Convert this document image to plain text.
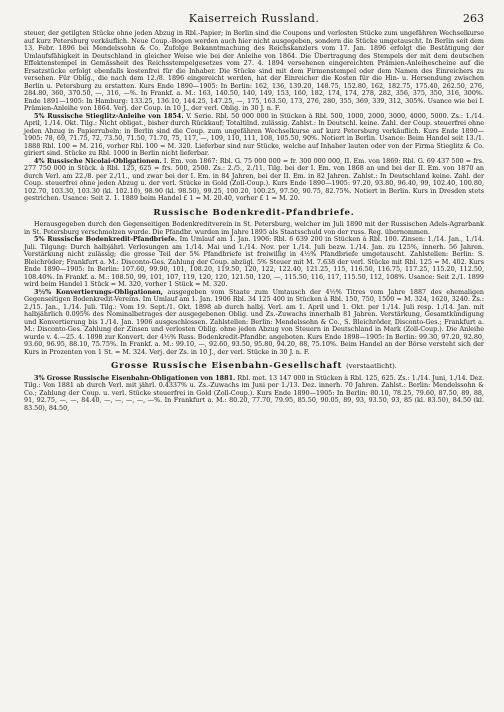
Kaiserreich Russland.	263

steuer, der getilgten Stücke ohne jeden Abzug in Rbl.-Papier; in Berlin sind die Coupons und verlosten Stücke zum ungefähren Wechselkurse auf kurz Petersburg verkäuflich. Neue Coup.-Bogen werden auch hier nicht ausgegeben, sondern die Stücke umgetauscht. In Berlin seit dem 13. Febr. 1896 bei Mendelssohn & Co. Zufolge Bekanntmachung des Reichskanzlers vom 17. Jan. 1896 erfolgt die Bestätigung der Umlaufsfähigkeit in Deutschland in gleicher Weise wie bei der Anleihe von 1864. Die Übertragung des Stempels der mit dem deutschen Effektenstempel in Gemässheit des Reichsstempelgesetzes vom 27. 4. 1894 versehenen eingereichten Prämien-Anleihescheine auf die Ersatzstücke erfolgt ebenfalls kostenfrei für die Inhaber. Die Stücke sind mit dem Firmenstempel oder dem Namen des Einreichers zu versehen. Für Oblig., die nach dem 12./8. 1896 eingereicht werden, hat der Einreicher die Kosten für die Hin- u. Hersendung zwischen Berlin u. Petersburg zu erstatten. Kurs Ende 1890—1905: In Berlin: 162, 136, 139.20, 148.75, 152.80, 162, 182.75, 175.40, 262.50, 276, 284.80, 360, 370.50, —, 316, —%. In Frankf. a. M.: 163, 140.50, 140, 149, 153, 160, 182, 174, 174, 278, 282, 356, 375, 350, 316, 300%. Ende 1891—1905: In Hamburg: 133.25, 136.10, 144.25, 147.25, —, 175, 163.50, 173, 276, 280, 355, 369, 339, 312, 305%. Usance wie bei I. Prämien-Anleihe von 1864. Verj. der Coup. in 10 J., der verl. Oblig. in 30 J. n. F.

5% Russische Stieglitz-Anleihe von 1854. V. Serie. Rbl. 50 000 000 in Stücken à Rbl. 500, 1000, 2000, 3000, 4000, 5000. Zs.: 1./14. April, 1./14. Okt. Tilg.: Nicht obligat., bisher durch Rückkauf; Totaltilnd. zulässig. Zahlst.: In Deutschl. keine. Zahl. der Coup. steuerfrei ohne jeden Abzug in Papierrubeln; in Berlin sind die Coup. zum ungefähren Wechselkurse auf kurz Petersburg verkäuflich. Kurs Ende 1890—1905: 78, 69, 71.75, 72, 73.50, 71.50, 71.70, 75, 117, —, 109, 110, 111, 108, 105.50, 90%. Notiert in Berlin. Usance: Beim Handel seit 13./1. 1888 Rbl. 100 = M. 216, vorher Rbl. 100 = M. 320. Lieferbar sind nur Stücke, welche auf Inhaber lauten oder von der Firma Stieglitz & Co. giriert sind. Stücke zu Rbl. 1000 in Berlin nicht lieferbar.

4% Russische Nicolai-Obligationen. I. Em. von 1867: Rbl. G. 75 000 000 = fr. 300 000 000, II. Em. von 1869: Rbl. G. 69 437 500 = frs. 277 750 000 in Stück. à Rbl. 125, 625 = frs. 500, 2500. Zs.: 2./5., 2./11. Tilg. bei der I. Em. von 1868 an und bei der II. Em. von 1870 an durch Verl. am 22./8. per 2./11., und zwar bei der I. Em. in 84 Jahren, bei der II. Em. in 82 Jahren. Zahlst.: In Deutschland keine. Zahl. der Coup. steuerfrei ohne jeden Abzug u. der verl. Stücke in Gold (Zoll-Coup.). Kurs Ende 1890—1905: 97.20, 93.80, 96.40, 99, 102.40, 100.80, 102.70, 103.30, 103.30 (kl. 102.10), 98.90 (kl. 98.50), 99.25, 100.20, 100.25, 97.50, 90.75, 82.75%. Notiert in Berlin. Kurs in Dresden stets gestrichen. Usance: Seit 2. 1. 1889 beim Handel £ 1 = M. 20.40, vorher £ 1 = M. 20.

Russische Bodenkredit-Pfandbriefe.

Herausgegeben durch den Gegenseitigen Bodenkreditverein in St. Petersburg, welcher im Juli 1890 mit der Russischen Adels-Agrarbank in St. Petersburg verschmolzen wurde. Die Pfandbr. wurden im Jahre 1895 als Staatsschuld von der russ. Reg. übernommen.

5% Russische Bodenkredit-Pfandbriefe. Im Umlauf am 1. Jan. 1906: Rbl. 6 639 200 in Stücken à Rbl. 100. Zinsen: 1./14. Jan., 1./14. Juli. Tilgung: Durch halbjährl. Verlosungen am 1./14. Mai und 1./14. Nov. per 1./14. Juli bezw. 1./14. Jan. zu 125%, innerh. 56 Jahren. Verstärkung nicht zulässig; die grosse Teil der 5% Pfandbriefe ist freiwillig in 4½% Pfandbriefe umgetauscht. Zahlstellen: Berlin: S. Bleichröder; Frankfurt a. M.: Disconto-Ges. Zahlung der Coup. abzügl. 5% Steuer mit M. 7.638 der verl. Stücke mit Rbl. 125 = M. 402. Kurs Ende 1890—1905: In Berlin: 107.60, 99.90, 101, 108.20, 119.50, 120, 122, 122.40, 121.25, 115, 116.50, 116.75, 117.25, 115.20, 112.50, 108.40%. In Frankf. a. M.: 108.50, 99, 101, 107, 119, 120, 120, 121.50, 120, —, 115.50, 116, 117, 115.50, 112, 108%. Usance: Seit 2./1. 1899 wird beim Handel 1 Stück = M. 320, vorher 1 Stück = M. 320.

3½% Konvertierungs-Obligationen, ausgegeben vom Staate zum Umtausch der 4½% Titres vom Jahre 1887 des ehemaligen Gegenseitigen Bodenkredit-Vereins. Im Umlauf am 1. Jan. 1906 Rbl. 34 125 400 in Stücken à Rbl. 150, 750, 1500 = M. 324, 1620, 3240. Zs.: 2./15. Jan., 1./14. Juli. Tilg.: Vom 19. Sept./1. Okt. 1898 ab durch halbj. Verl. am 1. April und 1. Okt. per 1./14. Juli resp. 1./14. Jan. mit halbjährlich 0.095% des Nominalbetrages der ausgegebenen Oblig. und Zs.-Zuwachs innerhalb 81 Jahren. Verstärkung, Gesamtkündigung und Konvertierung bis 1./14. Jan. 1906 ausgeschlossen. Zahlstellen: Berlin: Mendelssohn & Co., S. Bleichröder, Disconto-Ges.; Frankfurt a. M.: Disconto-Ges. Zahlung der Zinsen und verlosten Oblig. ohne jeden Abzug von Steuern in Deutschland in Mark (Zoll-Coup.). Die Anleihe wurde v. 4.—25. 4. 1898 zur Konvert. der 4½% Russ. Bodenkredit-Pfandbr. angeboten. Kurs Ende 1898—1905: In Berlin: 99.30, 97.20, 92.80, 93.60, 96.95, 88.10, 75.75%. In Frankf. a. M.: 99.10, —, 92.60, 93.50, 95.80, 94.20, 88, 75.10%. Beim Handel an der Börse versteht sich der Kurs in Prozenten von 1 St. = M. 324. Verj. der Zs. in 10 J., der verl. Stücke in 30 J. n. F.

Grosse Russische Eisenbahn-Gesellschaft (verstaatlicht).

3% Grosse Russische Eisenbahn-Obligationen von 1881. Rbl. met. 13 147 000 in Stücken à Rbl. 125, 625. Zs.: 1./14. Juni, 1./14. Dez. Tilg.: Von 1881 ab durch Verl. mit jährl. 0.4337% u. Zs.-Zuwachs im Juni per 1./13. Dez. innerh. 70 Jahren. Zahlst.: Berlin: Mendelssohn & Co.; Zahlung der Coup. u. verl. Stücke steuerfrei in Gold (Zoll-Coup.). Kurs Ende 1890—1905: In Berlin: 80.10, 78.25, 79.60, 87.50, 89, 88, 91, 92.75, —, —, 84.40, —, —, —, —, —%. In Frankfurt a. M.: 80.20, 77.70, 79.95, 85.50, 90.05, 89, 93, 93.50, 93, 85 (kl. 83.50), 84.50 (kl. 83.50), 84.50,
